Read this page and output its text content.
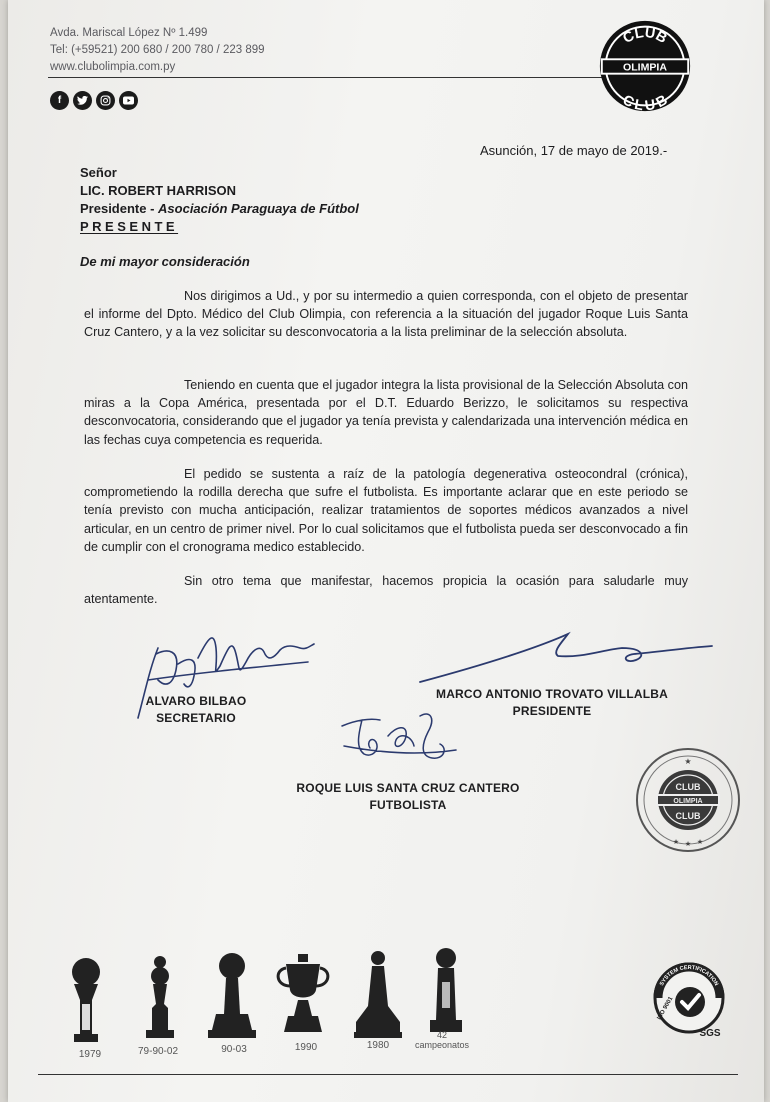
Avda. Mariscal López Nº 1.499
Tel: (+59521) 200 680 / 200 780 / 223 899
www.clubolimpia.com.py
f
CLUB
OLIMPIA
CLUB
Asunción, 17 de mayo de 2019.-
Señor
LIC. ROBERT HARRISON
Presidente - Asociación Paraguaya de Fútbol
PRESENTE
De mi mayor consideración
Nos dirigimos a Ud., y por su intermedio a quien corresponda, con el objeto de presentar el informe del Dpto. Médico del Club Olimpia, con referencia a la situación del jugador Roque Luis Santa Cruz Cantero, y a la vez solicitar su desconvocatoria a la lista preliminar de la selección absoluta.
Teniendo en cuenta que el jugador integra la lista provisional de la Selección Absoluta con miras a la Copa América, presentada por el D.T. Eduardo Berizzo, le solicitamos su respectiva desconvocatoria, considerando que el jugador ya tenía prevista y calendarizada una intervención médica en las fechas cuya competencia es requerida.
El pedido se sustenta a raíz de la patología degenerativa osteocondral (crónica), comprometiendo la rodilla derecha que sufre el futbolista. Es importante aclarar que en este periodo se tenía previsto con mucha anticipación, realizar tratamientos de soportes médicos avanzados a nivel articular, en un centro de primer nivel. Por lo cual solicitamos que el futbolista pueda ser desconvocado a fin de cumplir con el cronograma medico establecido.
Sin otro tema que manifestar, hacemos propicia la ocasión para saludarle muy atentamente.
ALVARO BILBAO
SECRETARIO
MARCO ANTONIO TROVATO VILLALBA
PRESIDENTE
ROQUE LUIS SANTA CRUZ CANTERO
FUTBOLISTA	OLIMPIA
CLUB
CLUB
★
★ ★ ★
1979	79-90-02	90-03	1990	1980
42 campeonatos
SYSTEM CERTIFICATION
ISO 9001
SGS
